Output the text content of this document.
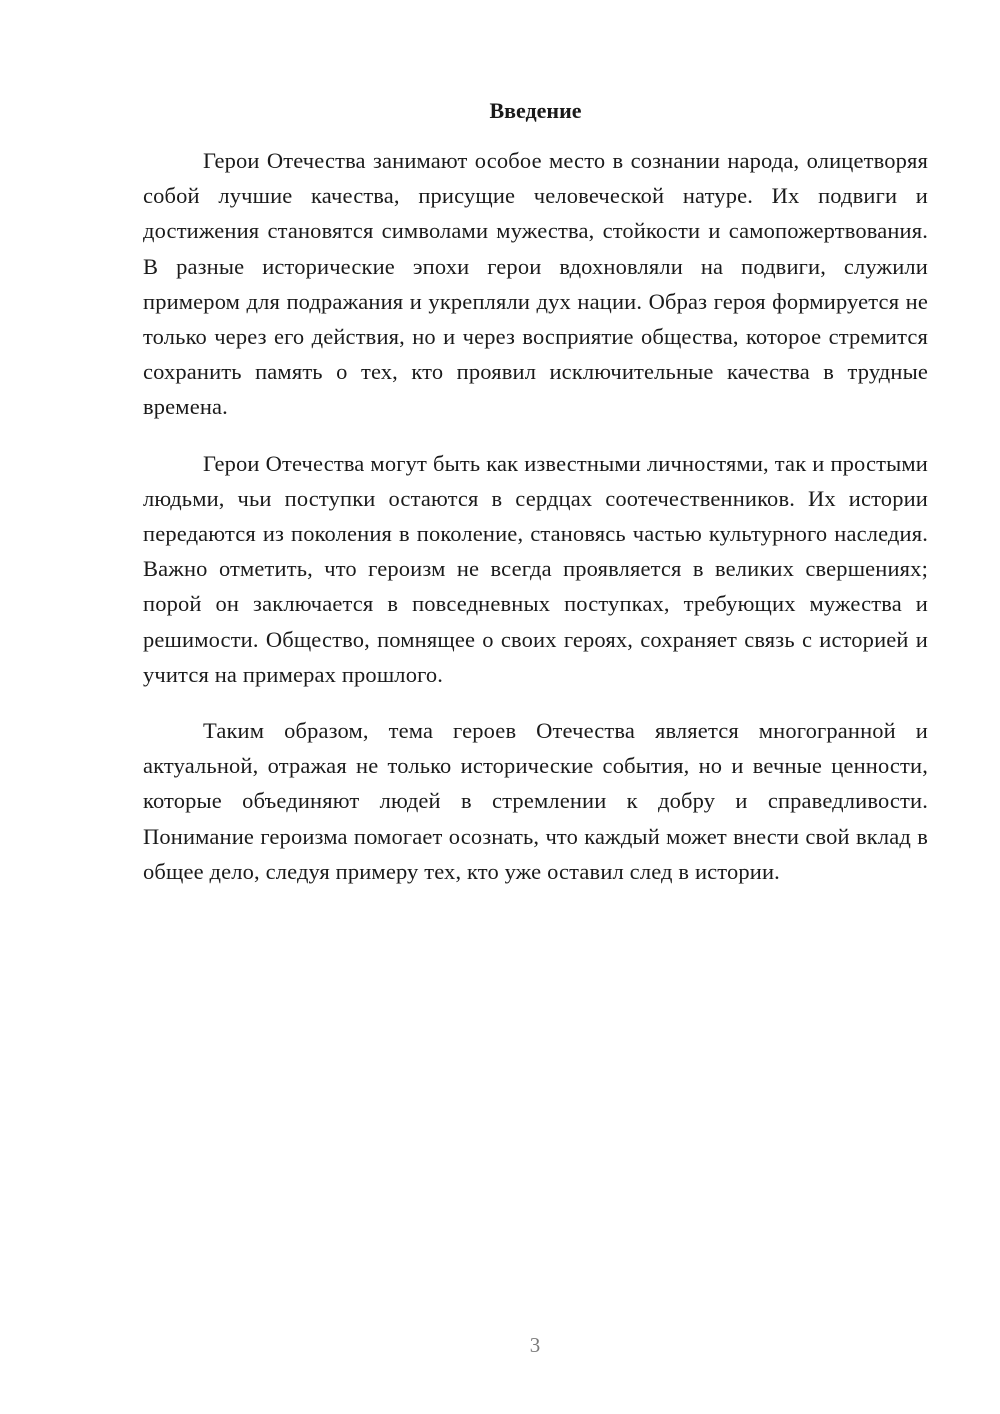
Введение

Герои Отечества занимают особое место в сознании народа, олицетворяя собой лучшие качества, присущие человеческой натуре. Их подвиги и достижения становятся символами мужества, стойкости и самопожертвования. В разные исторические эпохи герои вдохновляли на подвиги, служили примером для подражания и укрепляли дух нации. Образ героя формируется не только через его действия, но и через восприятие общества, которое стремится сохранить память о тех, кто проявил исключительные качества в трудные времена.

Герои Отечества могут быть как известными личностями, так и простыми людьми, чьи поступки остаются в сердцах соотечественников. Их истории передаются из поколения в поколение, становясь частью культурного наследия. Важно отметить, что героизм не всегда проявляется в великих свершениях; порой он заключается в повседневных поступках, требующих мужества и решимости. Общество, помнящее о своих героях, сохраняет связь с историей и учится на примерах прошлого.

Таким образом, тема героев Отечества является многогранной и актуальной, отражая не только исторические события, но и вечные ценности, которые объединяют людей в стремлении к добру и справедливости. Понимание героизма помогает осознать, что каждый может внести свой вклад в общее дело, следуя примеру тех, кто уже оставил след в истории.

3
